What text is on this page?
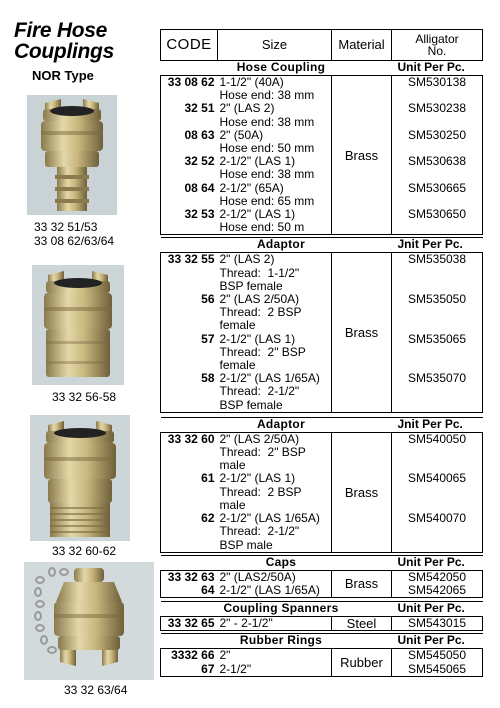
Fire Hose
Couplings
NOR Type
33 32 51/53
33 08 62/63/64
33 32 56-58
33 32 60-62
33 32 63/64
CODE	Size	Material	Alligator
No.

Hose Coupling			Unit Per Pc.
33 08 62	1-1/2" (40A)	Brass	SM530138
	Hose end: 38 mm		
32 51	2" (LAS 2)		SM530238
	Hose end: 38 mm		
08 63	2" (50A)		SM530250
	Hose end: 50 mm		
32 52	2-1/2" (LAS 1)		SM530638
	Hose end: 38 mm		
08 64	2-1/2" (65A)		SM530665
	Hose end: 65 mm		
32 53	2-1/2" (LAS 1)		SM530650
	Hose end: 50 m		

Adaptor			Jnit Per Pc.
33 32 55	2" (LAS 2)	Brass	SM535038
	Thread:  1-1/2"		
	BSP female		
56	2" (LAS 2/50A)		SM535050
	Thread:  2 BSP		
	female		
57	2-1/2" (LAS 1)		SM535065
	Thread:  2" BSP		
	female		
58	2-1/2" (LAS 1/65A)		SM535070
	Thread:  2-1/2"		
	BSP female		

Adaptor			Jnit Per Pc.
33 32 60	2" (LAS 2/50A)	Brass	SM540050
	Thread:  2" BSP		
	male		
61	2-1/2" (LAS 1)		SM540065
	Thread:  2 BSP		
	male		
62	2-1/2" (LAS 1/65A)		SM540070
	Thread:  2-1/2"		
	BSP male		

Caps			Unit Per Pc.
33 32 63	2" (LAS2/50A)	Brass	SM542050
64	2-1/2" (LAS 1/65A)		SM542065

Coupling Spanners			Unit Per Pc.
33 32 65	2" - 2-1/2"	Steel	SM543015

Rubber Rings			Unit Per Pc.
3332 66	2"	Rubber	SM545050
67	2-1/2"		SM545065
